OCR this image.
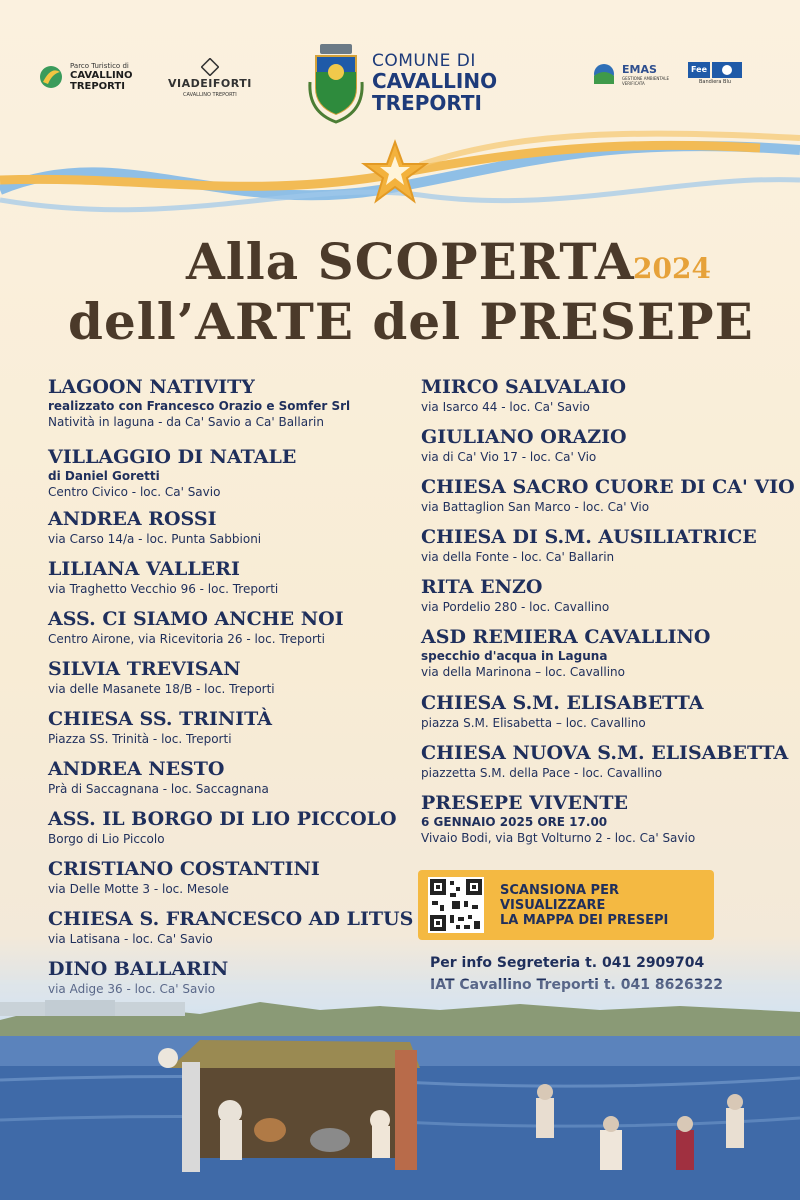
Parco Turistico di
CAVALLINO
TREPORTI	VIADEIFORTI
CAVALLINO TREPORTI
COMUNE DI
CAVALLINO
TREPORTI
EMAS
GESTIONE AMBIENTALE VERIFICATA
Fee
Bandiera Blu
Alla SCOPERTA
2024
dell’ARTE del PRESEPE
LAGOON NATIVITY
realizzato con Francesco Orazio e Somfer Srl
Natività in laguna - da Ca' Savio a Ca' Ballarin
VILLAGGIO DI NATALE
di Daniel Goretti
Centro Civico - loc. Ca' Savio
ANDREA ROSSI
via Carso 14/a - loc. Punta Sabbioni
LILIANA VALLERI
via Traghetto Vecchio 96 - loc. Treporti
ASS. CI SIAMO ANCHE NOI
Centro Airone, via Ricevitoria 26 - loc. Treporti
SILVIA TREVISAN
via delle Masanete 18/B - loc. Treporti
CHIESA SS. TRINITÀ
Piazza SS. Trinità - loc. Treporti
ANDREA NESTO
Prà di Saccagnana - loc. Saccagnana
ASS. IL BORGO DI LIO PICCOLO
Borgo di Lio Piccolo
CRISTIANO COSTANTINI
via Delle Motte 3 - loc. Mesole
CHIESA S. FRANCESCO AD LITUS
via Latisana - loc. Ca' Savio
DINO BALLARIN
via Adige 36 - loc. Ca' Savio
MIRCO SALVALAIO
via Isarco 44 - loc. Ca' Savio
GIULIANO ORAZIO
via di Ca' Vio 17 - loc. Ca' Vio
CHIESA SACRO CUORE DI CA' VIO
via Battaglion San Marco - loc. Ca' Vio
CHIESA DI S.M. AUSILIATRICE
via della Fonte - loc. Ca' Ballarin
RITA ENZO
via Pordelio 280 - loc. Cavallino
ASD REMIERA CAVALLINO
specchio d'acqua in Laguna
via della Marinona – loc. Cavallino
CHIESA S.M. ELISABETTA
piazza S.M. Elisabetta – loc. Cavallino
CHIESA NUOVA S.M. ELISABETTA
piazzetta S.M. della Pace - loc. Cavallino
PRESEPE VIVENTE
6 GENNAIO 2025 ORE 17.00
Vivaio Bodi, via Bgt Volturno 2 - loc. Ca' Savio
SCANSIONA PER
VISUALIZZARE
LA MAPPA DEI PRESEPI
Per info Segreteria t. 041 2909704
IAT Cavallino Treporti t. 041 8626322
